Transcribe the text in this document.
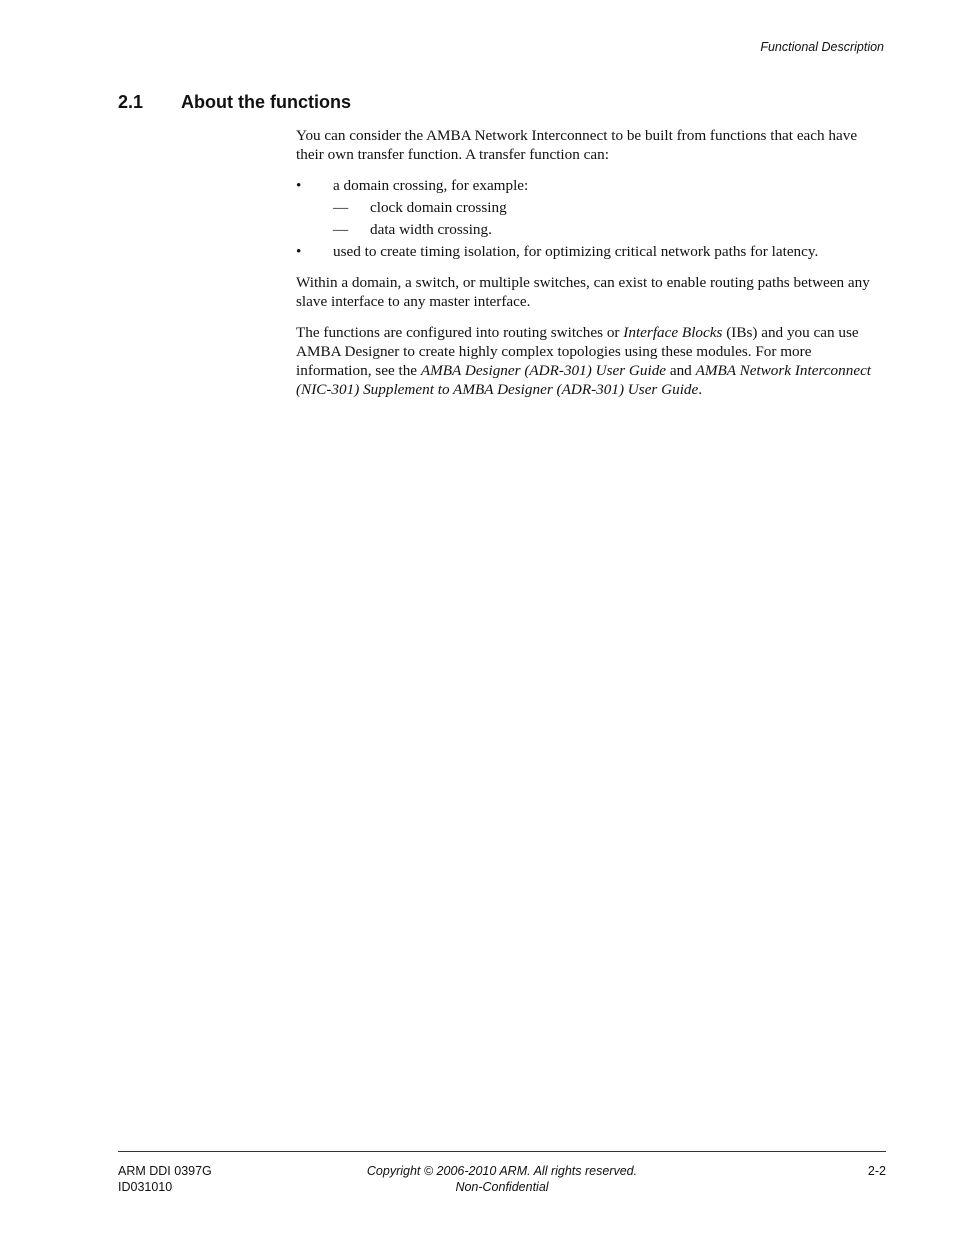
Functional Description
2.1 About the functions

You can consider the AMBA Network Interconnect to be built from functions that each have their own transfer function. A transfer function can:

• a domain crossing, for example:
— clock domain crossing
— data width crossing.
• used to create timing isolation, for optimizing critical network paths for latency.

Within a domain, a switch, or multiple switches, can exist to enable routing paths between any slave interface to any master interface.

The functions are configured into routing switches or Interface Blocks (IBs) and you can use AMBA Designer to create highly complex topologies using these modules. For more information, see the AMBA Designer (ADR-301) User Guide and AMBA Network Interconnect (NIC-301) Supplement to AMBA Designer (ADR-301) User Guide.

ARM DDI 0397G
ID031010
Copyright © 2006-2010 ARM. All rights reserved.
Non-Confidential
2-2
